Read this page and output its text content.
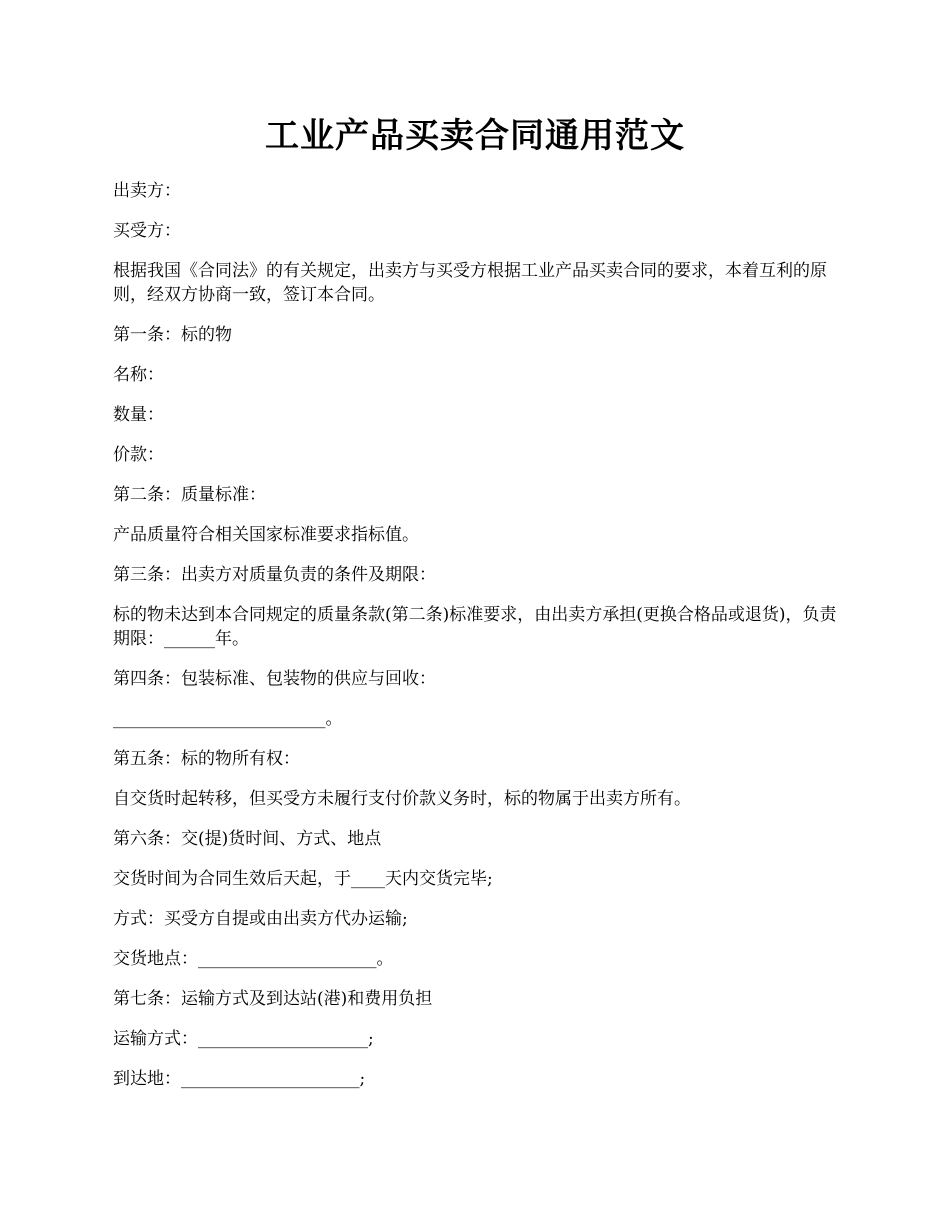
工业产品买卖合同通用范文

出卖方：

买受方：

根据我国《合同法》的有关规定，出卖方与买受方根据工业产品买卖合同的要求，本着互利的原则，经双方协商一致，签订本合同。

第一条：标的物

名称：

数量：

价款：

第二条：质量标准：

产品质量符合相关国家标准要求指标值。

第三条：出卖方对质量负责的条件及期限：

标的物未达到本合同规定的质量条款(第二条)标准要求，由出卖方承担(更换合格品或退货)，负责期限：______年。

第四条：包装标准、包装物的供应与回收：

_________________________。

第五条：标的物所有权：

自交货时起转移，但买受方未履行支付价款义务时，标的物属于出卖方所有。

第六条：交(提)货时间、方式、地点

交货时间为合同生效后天起，于____天内交货完毕;

方式：买受方自提或由出卖方代办运输;

交货地点：_____________________。

第七条：运输方式及到达站(港)和费用负担

运输方式：____________________;

到达地：_____________________;
